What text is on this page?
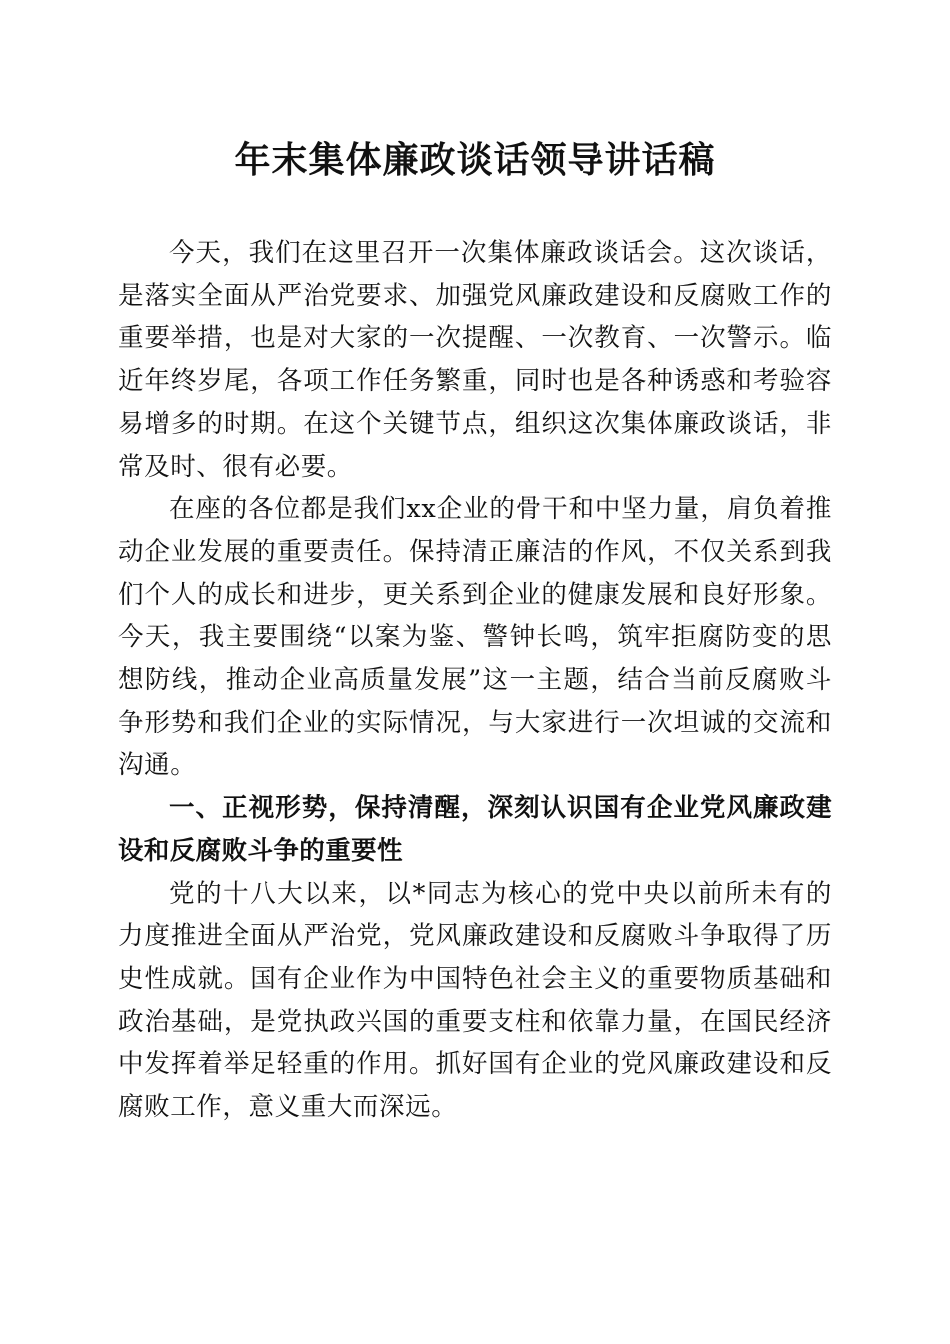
年末集体廉政谈话领导讲话稿

今天，我们在这里召开一次集体廉政谈话会。这次谈话，是落实全面从严治党要求、加强党风廉政建设和反腐败工作的重要举措，也是对大家的一次提醒、一次教育、一次警示。临近年终岁尾，各项工作任务繁重，同时也是各种诱惑和考验容易增多的时期。在这个关键节点，组织这次集体廉政谈话，非常及时、很有必要。

在座的各位都是我们xx企业的骨干和中坚力量，肩负着推动企业发展的重要责任。保持清正廉洁的作风，不仅关系到我们个人的成长和进步，更关系到企业的健康发展和良好形象。今天，我主要围绕“以案为鉴、警钟长鸣，筑牢拒腐防变的思想防线，推动企业高质量发展”这一主题，结合当前反腐败斗争形势和我们企业的实际情况，与大家进行一次坦诚的交流和沟通。

一、正视形势，保持清醒，深刻认识国有企业党风廉政建设和反腐败斗争的重要性

党的十八大以来，以*同志为核心的党中央以前所未有的力度推进全面从严治党，党风廉政建设和反腐败斗争取得了历史性成就。国有企业作为中国特色社会主义的重要物质基础和政治基础，是党执政兴国的重要支柱和依靠力量，在国民经济中发挥着举足轻重的作用。抓好国有企业的党风廉政建设和反腐败工作，意义重大而深远。
